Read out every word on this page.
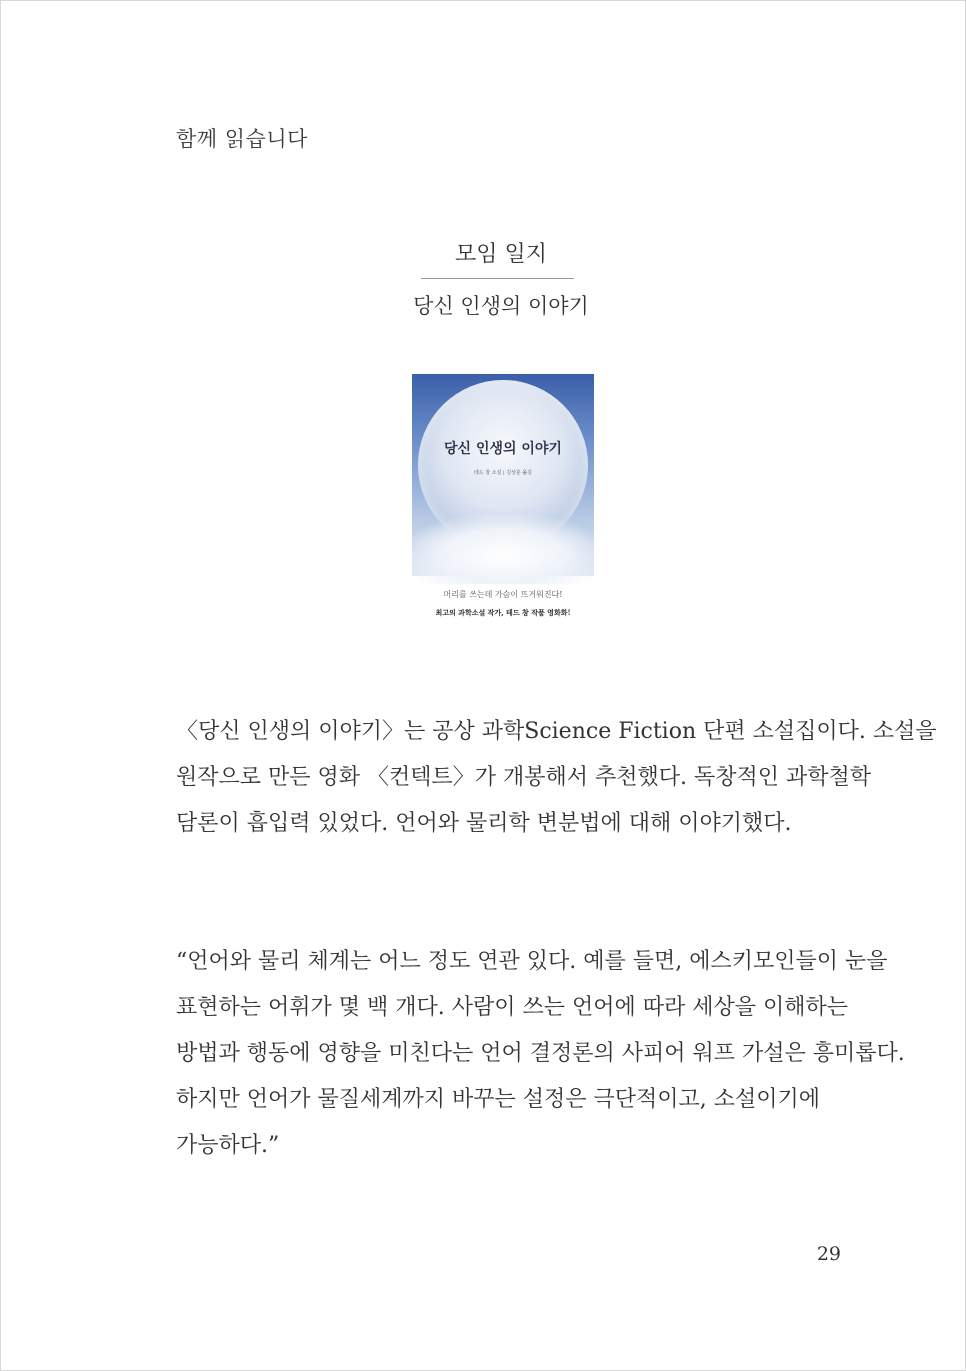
함께 읽습니다
모임 일지
당신 인생의 이야기
당신 인생의 이야기
테드 창 소설 | 김상훈 옮김
머리를 쓰는데 가슴이 뜨거워진다!
최고의 과학소설 작가, 테드 창 작품 영화화!

〈당신 인생의 이야기〉는 공상 과학Science Fiction 단편 소설집이다. 소설을
원작으로 만든 영화 〈컨텍트〉가 개봉해서 추천했다. 독창적인 과학철학
담론이 흡입력 있었다. 언어와 물리학 변분법에 대해 이야기했다.

“언어와 물리 체계는 어느 정도 연관 있다. 예를 들면, 에스키모인들이 눈을
표현하는 어휘가 몇 백 개다. 사람이 쓰는 언어에 따라 세상을 이해하는
방법과 행동에 영향을 미친다는 언어 결정론의 사피어 워프 가설은 흥미롭다.
하지만 언어가 물질세계까지 바꾸는 설정은 극단적이고, 소설이기에
가능하다.”

29
